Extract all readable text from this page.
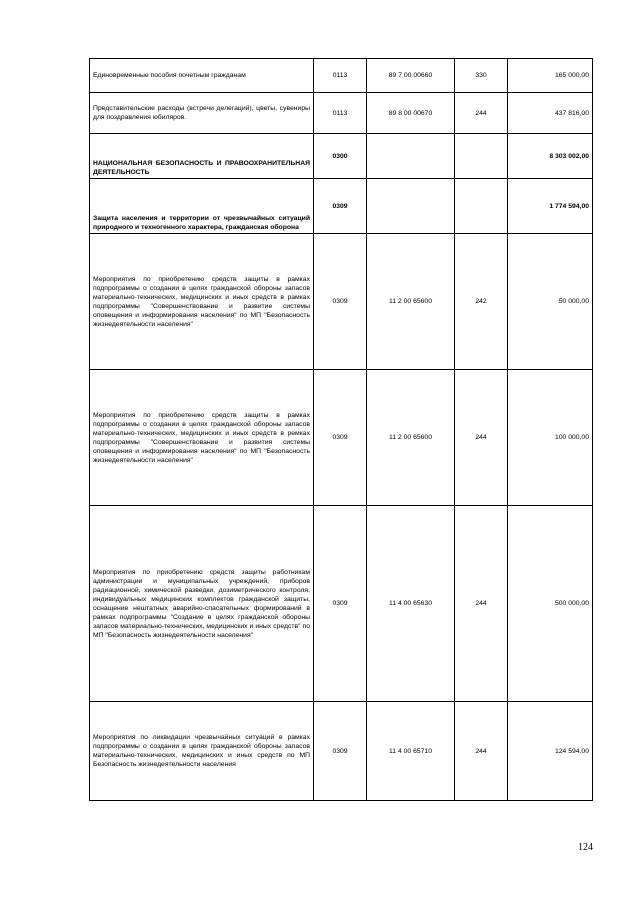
Единовременные пособия почетным гражданам	0113	89 7 00 00660	330	165 000,00
Представительские расходы (встречи делегаций), цветы, сувениры для поздравления юбиляров.	0113	89 8 00 00670	244	437 816,00
НАЦИОНАЛЬНАЯ БЕЗОПАСНОСТЬ И ПРАВООХРАНИТЕЛЬНАЯ ДЕЯТЕЛЬНОСТЬ	0300			8 303 002,00
Защита населения и территории от чрезвычайных ситуаций природного и техногенного характера, гражданская оборона	0309			1 774 594,00
Мероприятия по приобретению средств защиты в рамках подпрограммы о создании в целях гражданской обороны запасов материально-технических, медицинских и иных средств в рамках подпрограммы "Совершенствование и развитие системы оповещения и информирования населения" по МП "Безопасность жизнедеятельности населения"	0309	11 2 00 65600	242	50 000,00
Мероприятия по приобретению средств защиты в рамках подпрограммы о создании в целях гражданской обороны запасов материально-технических, медицинских и иных средств в ремках подпрограммы "Совершенствование и развития системы оповещения и информирования населения" по МП "Безопасность жизнедеятельности населения"	0309	11 2 00 65600	244	100 000,00
Мероприятия по приобретению средств защиты работникам администрации и муниципальных учреждений, приборов радиационной, химической разведки, дозиметрического контроля, индивидуальных медицинских комплектов гражданской защиты, оснащение нештатных аварийно-спасательных формирований в рамках подпрограммы "Создание в целях гражданской обороны запасов материально-технических, медицинских и иных средств" по МП "Безопасность жизнедеятельности населения"	0309	11 4 00 65630	244	500 000,00
Мероприятия по ликвидации чрезвычайных ситуаций в рамках подпрограммы о создании в целях гражданской обороны запасов материально-технических, медицинских и иных средств по МП Безопасность жизнедеятельности населения	0309	11 4 00 65710	244	124 594,00
124
